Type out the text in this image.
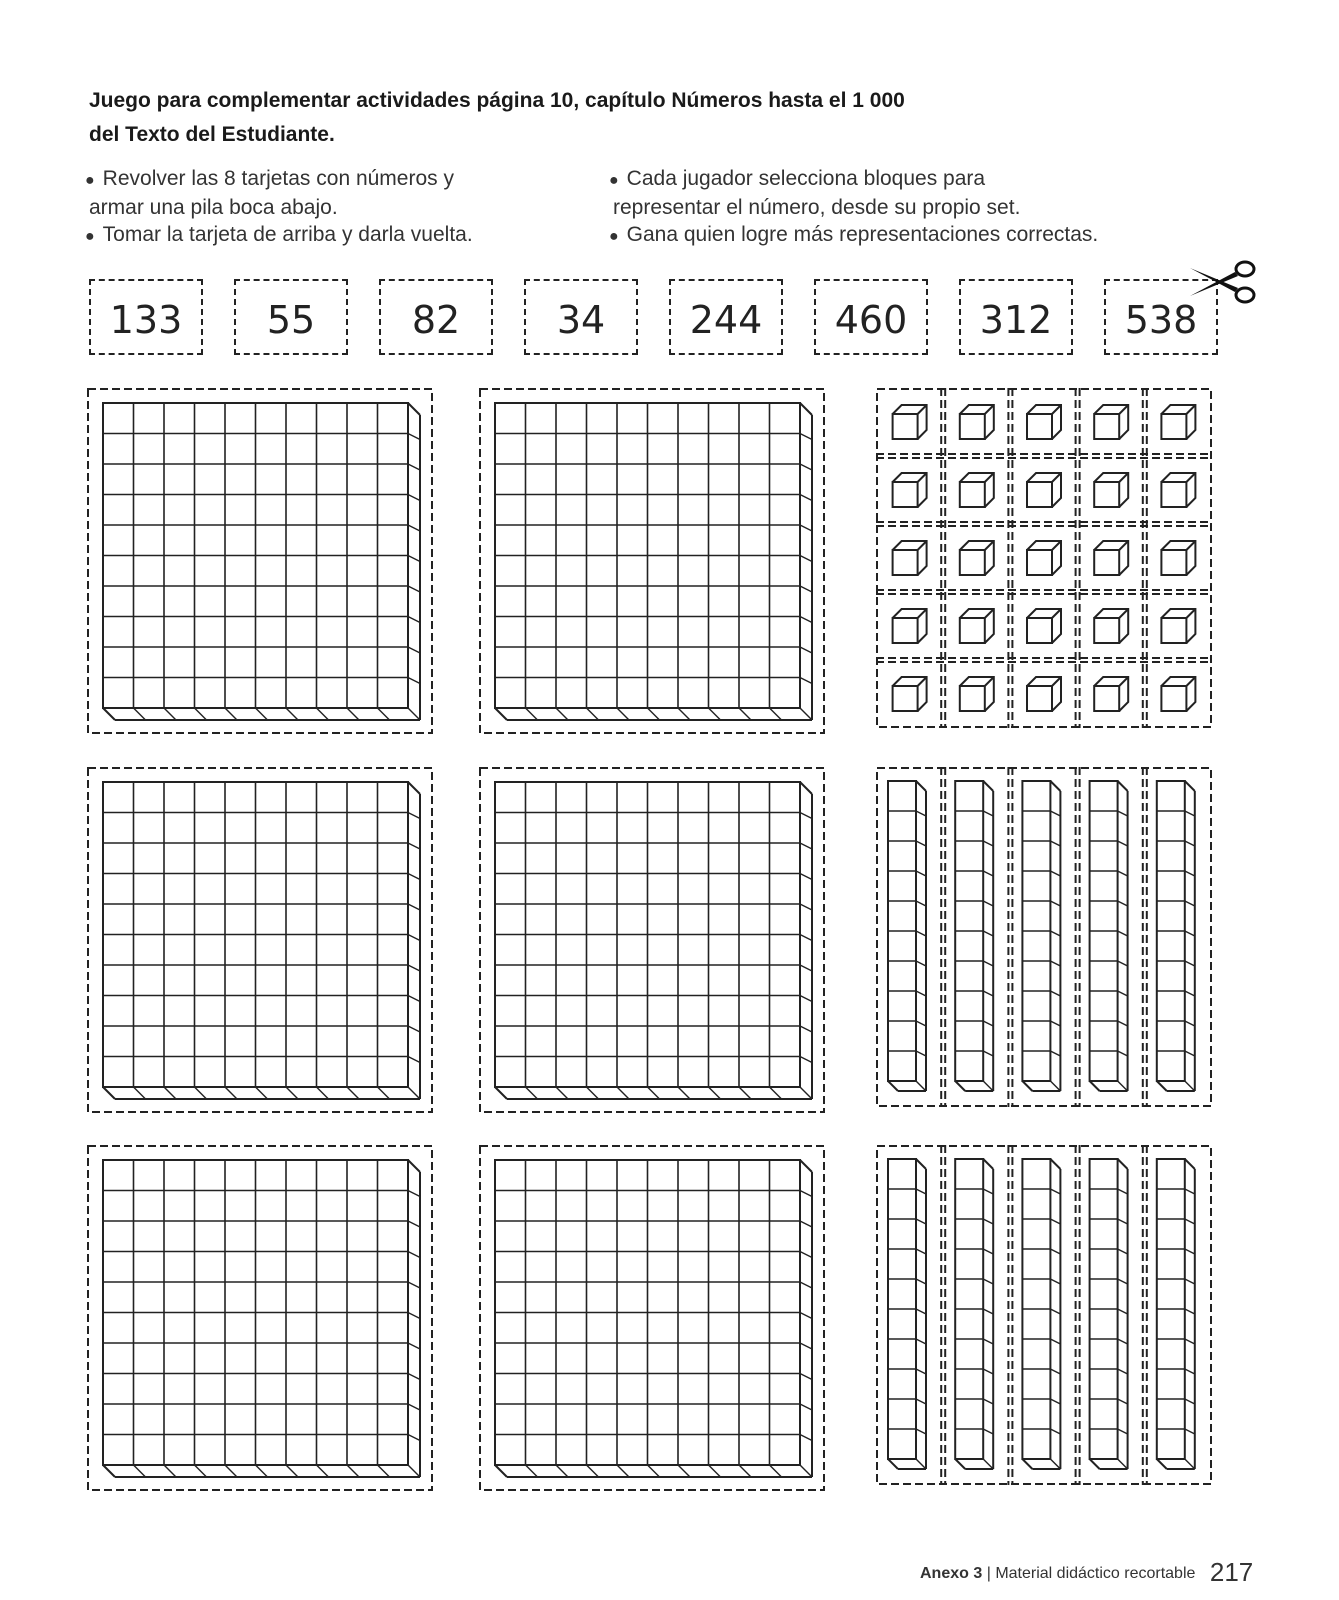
Juego para complementar actividades página 10, capítulo Números hasta el 1 000
del Texto del Estudiante.
● Revolver las 8 tarjetas con números y
armar una pila boca abajo.
● Tomar la tarjeta de arriba y darla vuelta.
● Cada jugador selecciona bloques para
representar el número, desde su propio set.
● Gana quien logre más representaciones correctas.
133	55	82	34	244	460	312	538
Anexo 3 | Material didáctico recortable 217
